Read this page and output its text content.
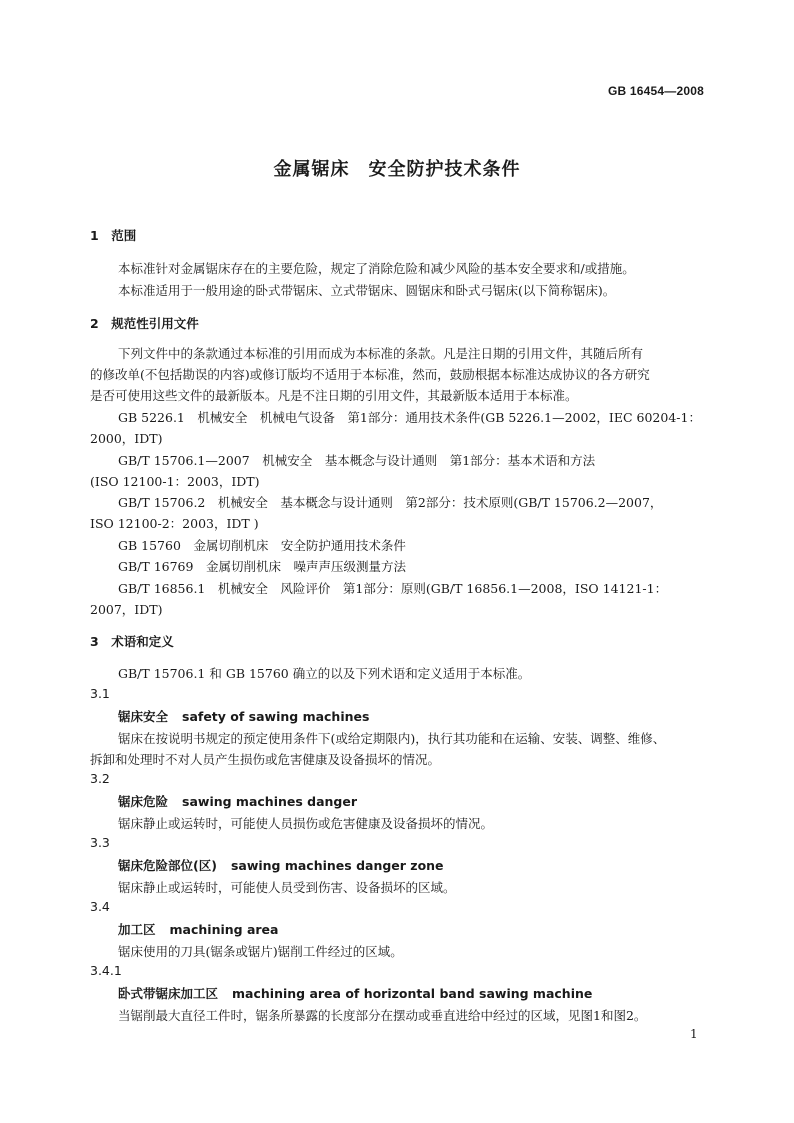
GB 16454—2008
金属锯床　安全防护技术条件
1　范围
本标准针对金属锯床存在的主要危险，规定了消除危险和减少风险的基本安全要求和/或措施。
本标准适用于一般用途的卧式带锯床、立式带锯床、圆锯床和卧式弓锯床(以下简称锯床)。
2　规范性引用文件
下列文件中的条款通过本标准的引用而成为本标准的条款。凡是注日期的引用文件，其随后所有
的修改单(不包括勘误的内容)或修订版均不适用于本标准，然而，鼓励根据本标准达成协议的各方研究
是否可使用这些文件的最新版本。凡是不注日期的引用文件，其最新版本适用于本标准。
GB 5226.1　机械安全　机械电气设备　第1部分：通用技术条件(GB 5226.1—2002，IEC 60204-1：
2000，IDT)
GB/T 15706.1—2007　机械安全　基本概念与设计通则　第1部分：基本术语和方法
(ISO 12100-1：2003，IDT)
GB/T 15706.2　机械安全　基本概念与设计通则　第2部分：技术原则(GB/T 15706.2—2007，
ISO 12100-2：2003，IDT )
GB 15760　金属切削机床　安全防护通用技术条件
GB/T 16769　金属切削机床　噪声声压级测量方法
GB/T 16856.1　机械安全　风险评价　第1部分：原则(GB/T 16856.1—2008，ISO 14121-1：
2007，IDT)
3　术语和定义
GB/T 15706.1 和 GB 15760 确立的以及下列术语和定义适用于本标准。
3.1
锯床安全 safety of sawing machines
锯床在按说明书规定的预定使用条件下(或给定期限内)，执行其功能和在运输、安装、调整、维修、
拆卸和处理时不对人员产生损伤或危害健康及设备损坏的情况。
3.2
锯床危险 sawing machines danger
锯床静止或运转时，可能使人员损伤或危害健康及设备损坏的情况。
3.3
锯床危险部位(区) sawing machines danger zone
锯床静止或运转时，可能使人员受到伤害、设备损坏的区域。
3.4
加工区 machining area
锯床使用的刀具(锯条或锯片)锯削工件经过的区域。
3.4.1
卧式带锯床加工区 machining area of horizontal band sawing machine
当锯削最大直径工件时，锯条所暴露的长度部分在摆动或垂直进给中经过的区域，见图1和图2。
1
